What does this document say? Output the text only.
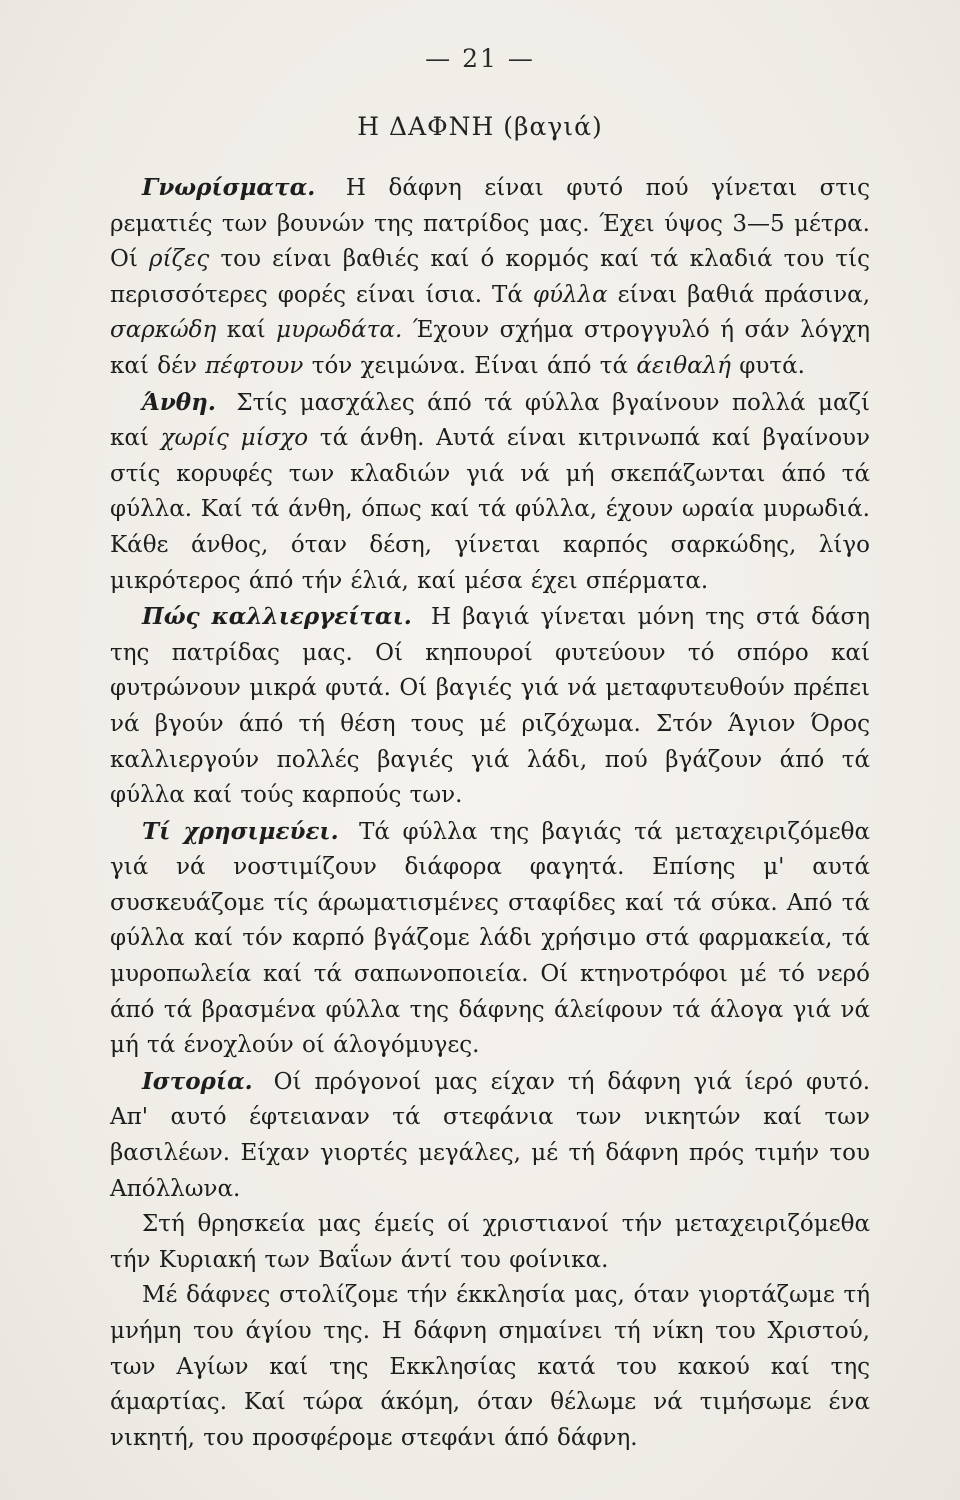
— 21 —
Η ΔΑΦΝΗ (βαγιά)

Γνωρίσματα. Η δάφνη είναι φυτό πού γίνεται στις ρεματιές των βουνών της πατρίδος μας. Έχει ύψος 3—5 μέτρα. Οί ρίζες του είναι βαθιές καί ό κορμός καί τά κλαδιά του τίς περισσότερες φορές είναι ίσια. Τά φύλλα είναι βαθιά πράσινα, σαρκώδη καί μυρωδάτα. Έχουν σχήμα στρογγυλό ή σάν λόγχη καί δέν πέφτουν τόν χειμώνα. Είναι άπό τά άειθαλή φυτά.

Άνθη. Στίς μασχάλες άπό τά φύλλα βγαίνουν πολλά μαζί καί χωρίς μίσχο τά άνθη. Αυτά είναι κιτρινωπά καί βγαίνουν στίς κορυφές των κλαδιών γιά νά μή σκεπάζωνται άπό τά φύλλα. Καί τά άνθη, όπως καί τά φύλλα, έχουν ωραία μυρωδιά. Κάθε άνθος, όταν δέση, γίνεται καρπός σαρκώδης, λίγο μικρότερος άπό τήν έλιά, καί μέσα έχει σπέρματα.

Πώς καλλιεργείται. Η βαγιά γίνεται μόνη της στά δάση της πατρίδας μας. Οί κηπουροί φυτεύουν τό σπόρο καί φυτρώνουν μικρά φυτά. Οί βαγιές γιά νά μεταφυτευθούν πρέπει νά βγούν άπό τή θέση τους μέ ριζόχωμα. Στόν Άγιον Όρος καλλιεργούν πολλές βαγιές γιά λάδι, πού βγάζουν άπό τά φύλλα καί τούς καρπούς των.

Τί χρησιμεύει. Τά φύλλα της βαγιάς τά μεταχειριζόμεθα γιά νά νοστιμίζουν διάφορα φαγητά. Επίσης μ' αυτά συσκευάζομε τίς άρωματισμένες σταφίδες καί τά σύκα. Από τά φύλλα καί τόν καρπό βγάζομε λάδι χρήσιμο στά φαρμακεία, τά μυροπωλεία καί τά σαπωνοποιεία. Οί κτηνοτρόφοι μέ τό νερό άπό τά βρασμένα φύλλα της δάφνης άλείφουν τά άλογα γιά νά μή τά ένοχλούν οί άλογόμυγες.

Ιστορία. Οί πρόγονοί μας είχαν τή δάφνη γιά ίερό φυτό. Απ' αυτό έφτειαναν τά στεφάνια των νικητών καί των βασιλέων. Είχαν γιορτές μεγάλες, μέ τή δάφνη πρός τιμήν του Απόλλωνα.

Στή θρησκεία μας έμείς οί χριστιανοί τήν μεταχειριζόμεθα τήν Κυριακή των Βαΐων άντί του φοίνικα.

Μέ δάφνες στολίζομε τήν έκκλησία μας, όταν γιορτάζωμε τή μνήμη του άγίου της. Η δάφνη σημαίνει τή νίκη του Χριστού, των Αγίων καί της Εκκλησίας κατά του κακού καί της άμαρτίας. Καί τώρα άκόμη, όταν θέλωμε νά τιμήσωμε ένα νικητή, του προσφέρομε στεφάνι άπό δάφνη.
